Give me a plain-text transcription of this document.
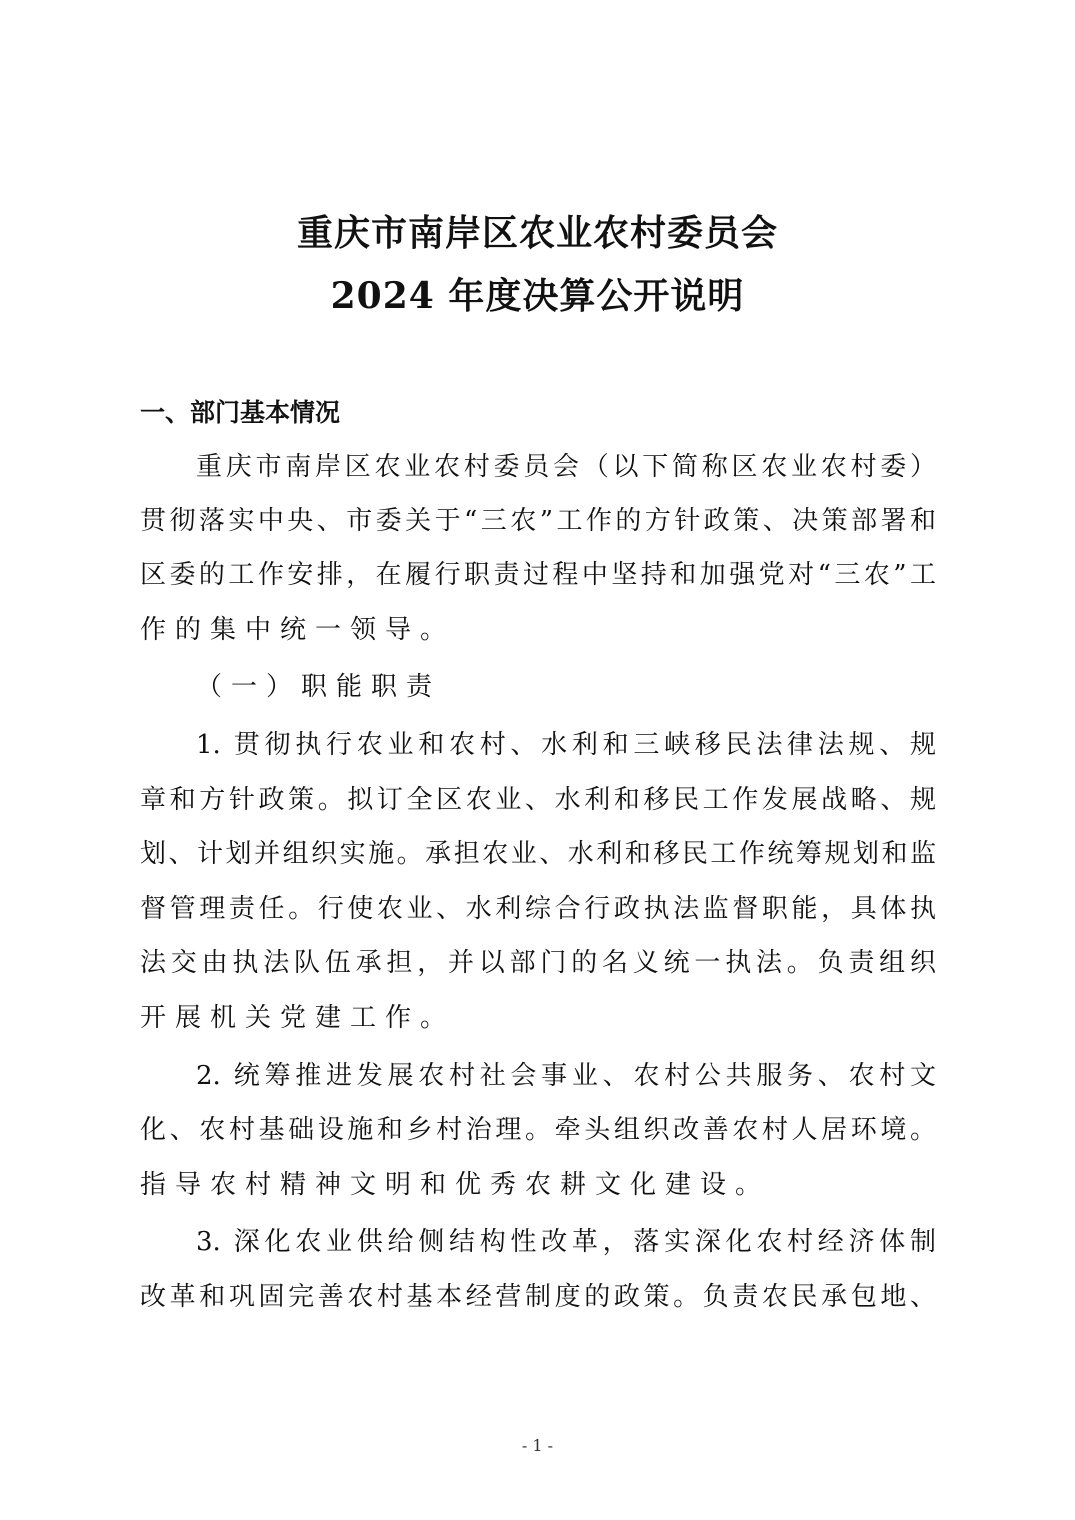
重庆市南岸区农业农村委员会
2024 年度决算公开说明
一、部门基本情况
重庆市南岸区农业农村委员会（以下简称区农业农村委）
贯彻落实中央、市委关于“三农”工作的方针政策、决策部署和
区委的工作安排，在履行职责过程中坚持和加强党对“三农”工
作的集中统一领导。
（一）职能职责
1. 贯彻执行农业和农村、水利和三峡移民法律法规、规
章和方针政策。拟订全区农业、水利和移民工作发展战略、规
划、计划并组织实施。承担农业、水利和移民工作统筹规划和监
督管理责任。行使农业、水利综合行政执法监督职能，具体执
法交由执法队伍承担，并以部门的名义统一执法。负责组织
开展机关党建工作。
2. 统筹推进发展农村社会事业、农村公共服务、农村文
化、农村基础设施和乡村治理。牵头组织改善农村人居环境。
指导农村精神文明和优秀农耕文化建设。
3. 深化农业供给侧结构性改革，落实深化农村经济体制
改革和巩固完善农村基本经营制度的政策。负责农民承包地、
- 1 -
